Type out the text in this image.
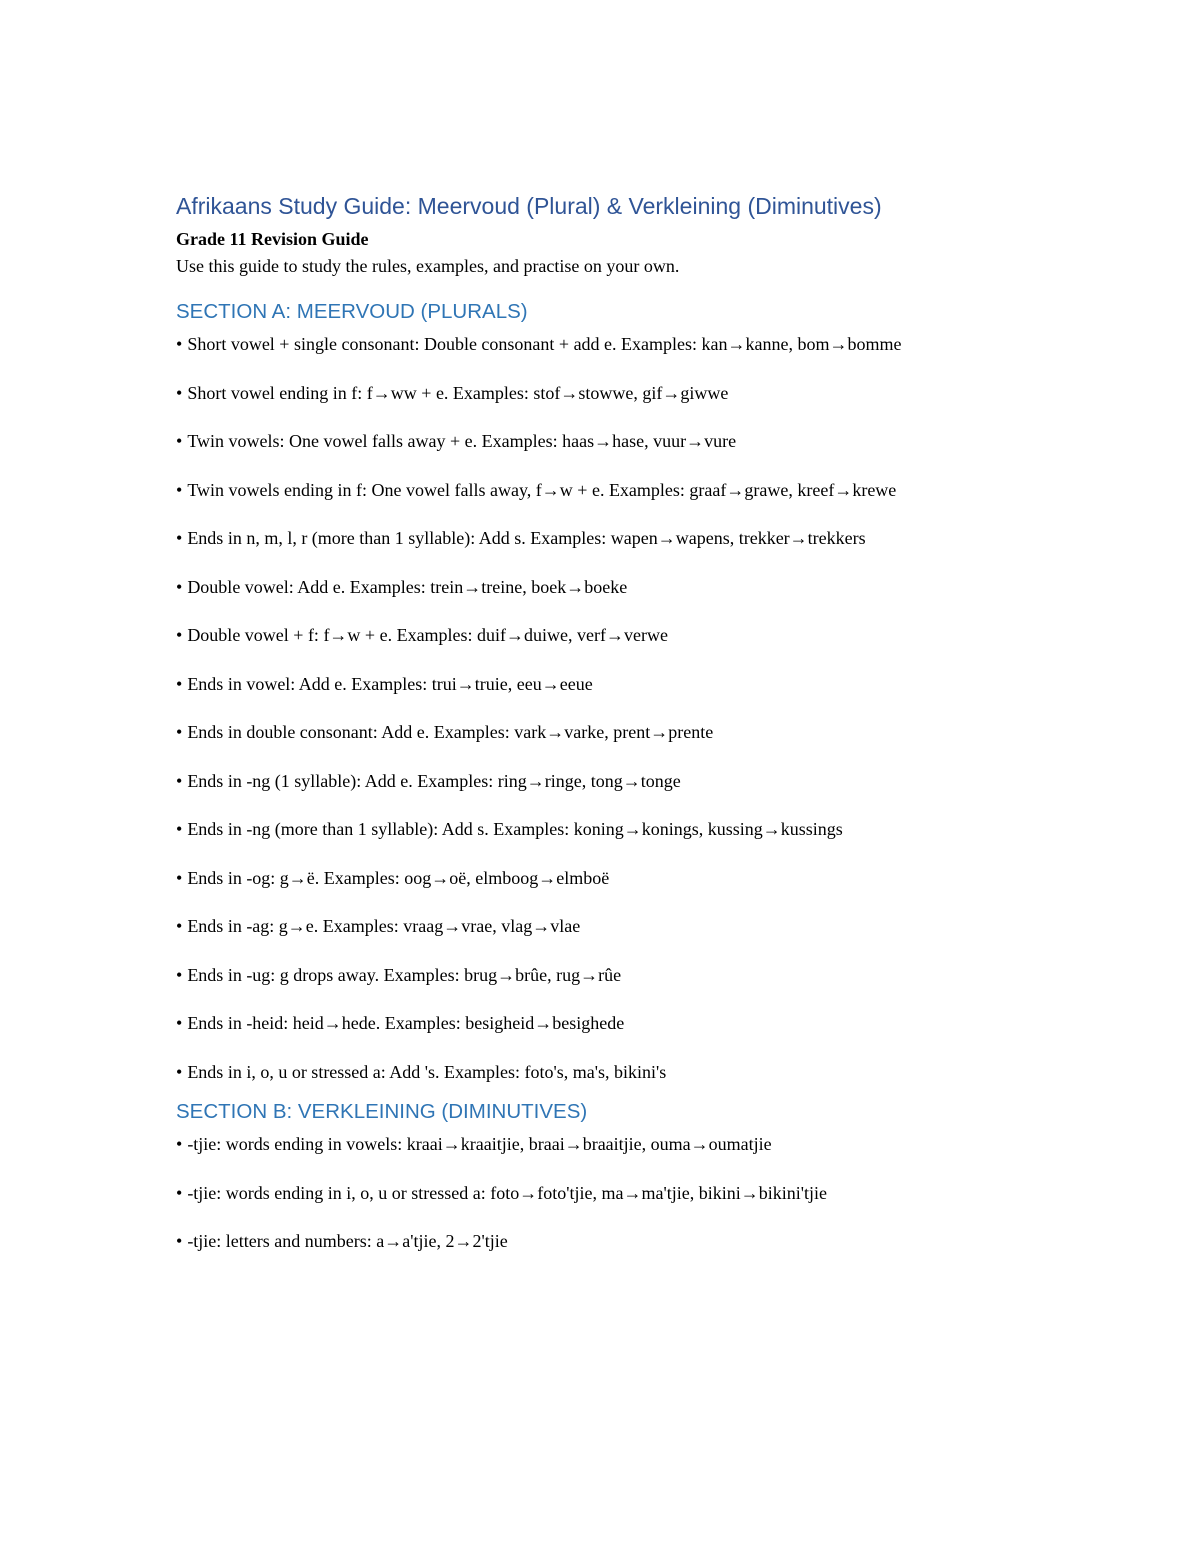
Afrikaans Study Guide: Meervoud (Plural) & Verkleining (Diminutives)

Grade 11 Revision Guide

Use this guide to study the rules, examples, and practise on your own.

SECTION A: MEERVOUD (PLURALS)

• Short vowel + single consonant: Double consonant + add e. Examples: kan→kanne, bom→bomme

• Short vowel ending in f: f→ww + e. Examples: stof→stowwe, gif→giwwe

• Twin vowels: One vowel falls away + e. Examples: haas→hase, vuur→vure

• Twin vowels ending in f: One vowel falls away, f→w + e. Examples: graaf→grawe, kreef→krewe

• Ends in n, m, l, r (more than 1 syllable): Add s. Examples: wapen→wapens, trekker→trekkers

• Double vowel: Add e. Examples: trein→treine, boek→boeke

• Double vowel + f: f→w + e. Examples: duif→duiwe, verf→verwe

• Ends in vowel: Add e. Examples: trui→truie, eeu→eeue

• Ends in double consonant: Add e. Examples: vark→varke, prent→prente

• Ends in -ng (1 syllable): Add e. Examples: ring→ringe, tong→tonge

• Ends in -ng (more than 1 syllable): Add s. Examples: koning→konings, kussing→kussings

• Ends in -og: g→ë. Examples: oog→oë, elmboog→elmboë

• Ends in -ag: g→e. Examples: vraag→vrae, vlag→vlae

• Ends in -ug: g drops away. Examples: brug→brûe, rug→rûe

• Ends in -heid: heid→hede. Examples: besigheid→besighede

• Ends in i, o, u or stressed a: Add 's. Examples: foto's, ma's, bikini's

SECTION B: VERKLEINING (DIMINUTIVES)

• -tjie: words ending in vowels: kraai→kraaitjie, braai→braaitjie, ouma→oumatjie

• -tjie: words ending in i, o, u or stressed a: foto→foto'tjie, ma→ma'tjie, bikini→bikini'tjie

• -tjie: letters and numbers: a→a'tjie, 2→2'tjie
